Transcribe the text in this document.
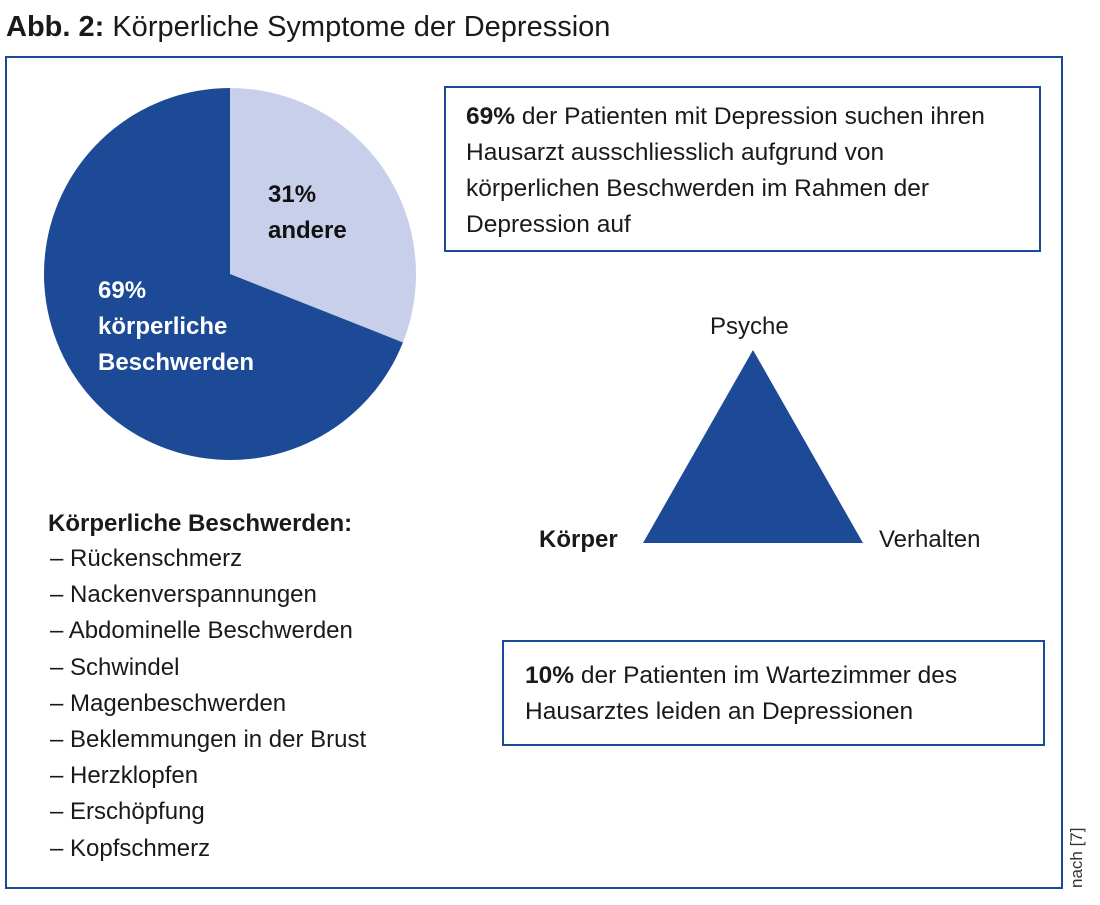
Abb. 2: Körperliche Symptome der Depression
31%
andere
69%
körperliche
Beschwerden
69% der Patienten mit Depression suchen ihren Hausarzt ausschliesslich aufgrund von körperlichen Beschwerden im Rahmen der Depression auf
Psyche
Körper	Verhalten
10% der Patienten im Wartezimmer des Hausarztes leiden an Depressionen
Körperliche Beschwerden:
– Rückenschmerz
– Nackenverspannungen
– Abdominelle Beschwerden
– Schwindel
– Magenbeschwerden
– Beklemmungen in der Brust
– Herzklopfen
– Erschöpfung
– Kopfschmerz	nach [7]
